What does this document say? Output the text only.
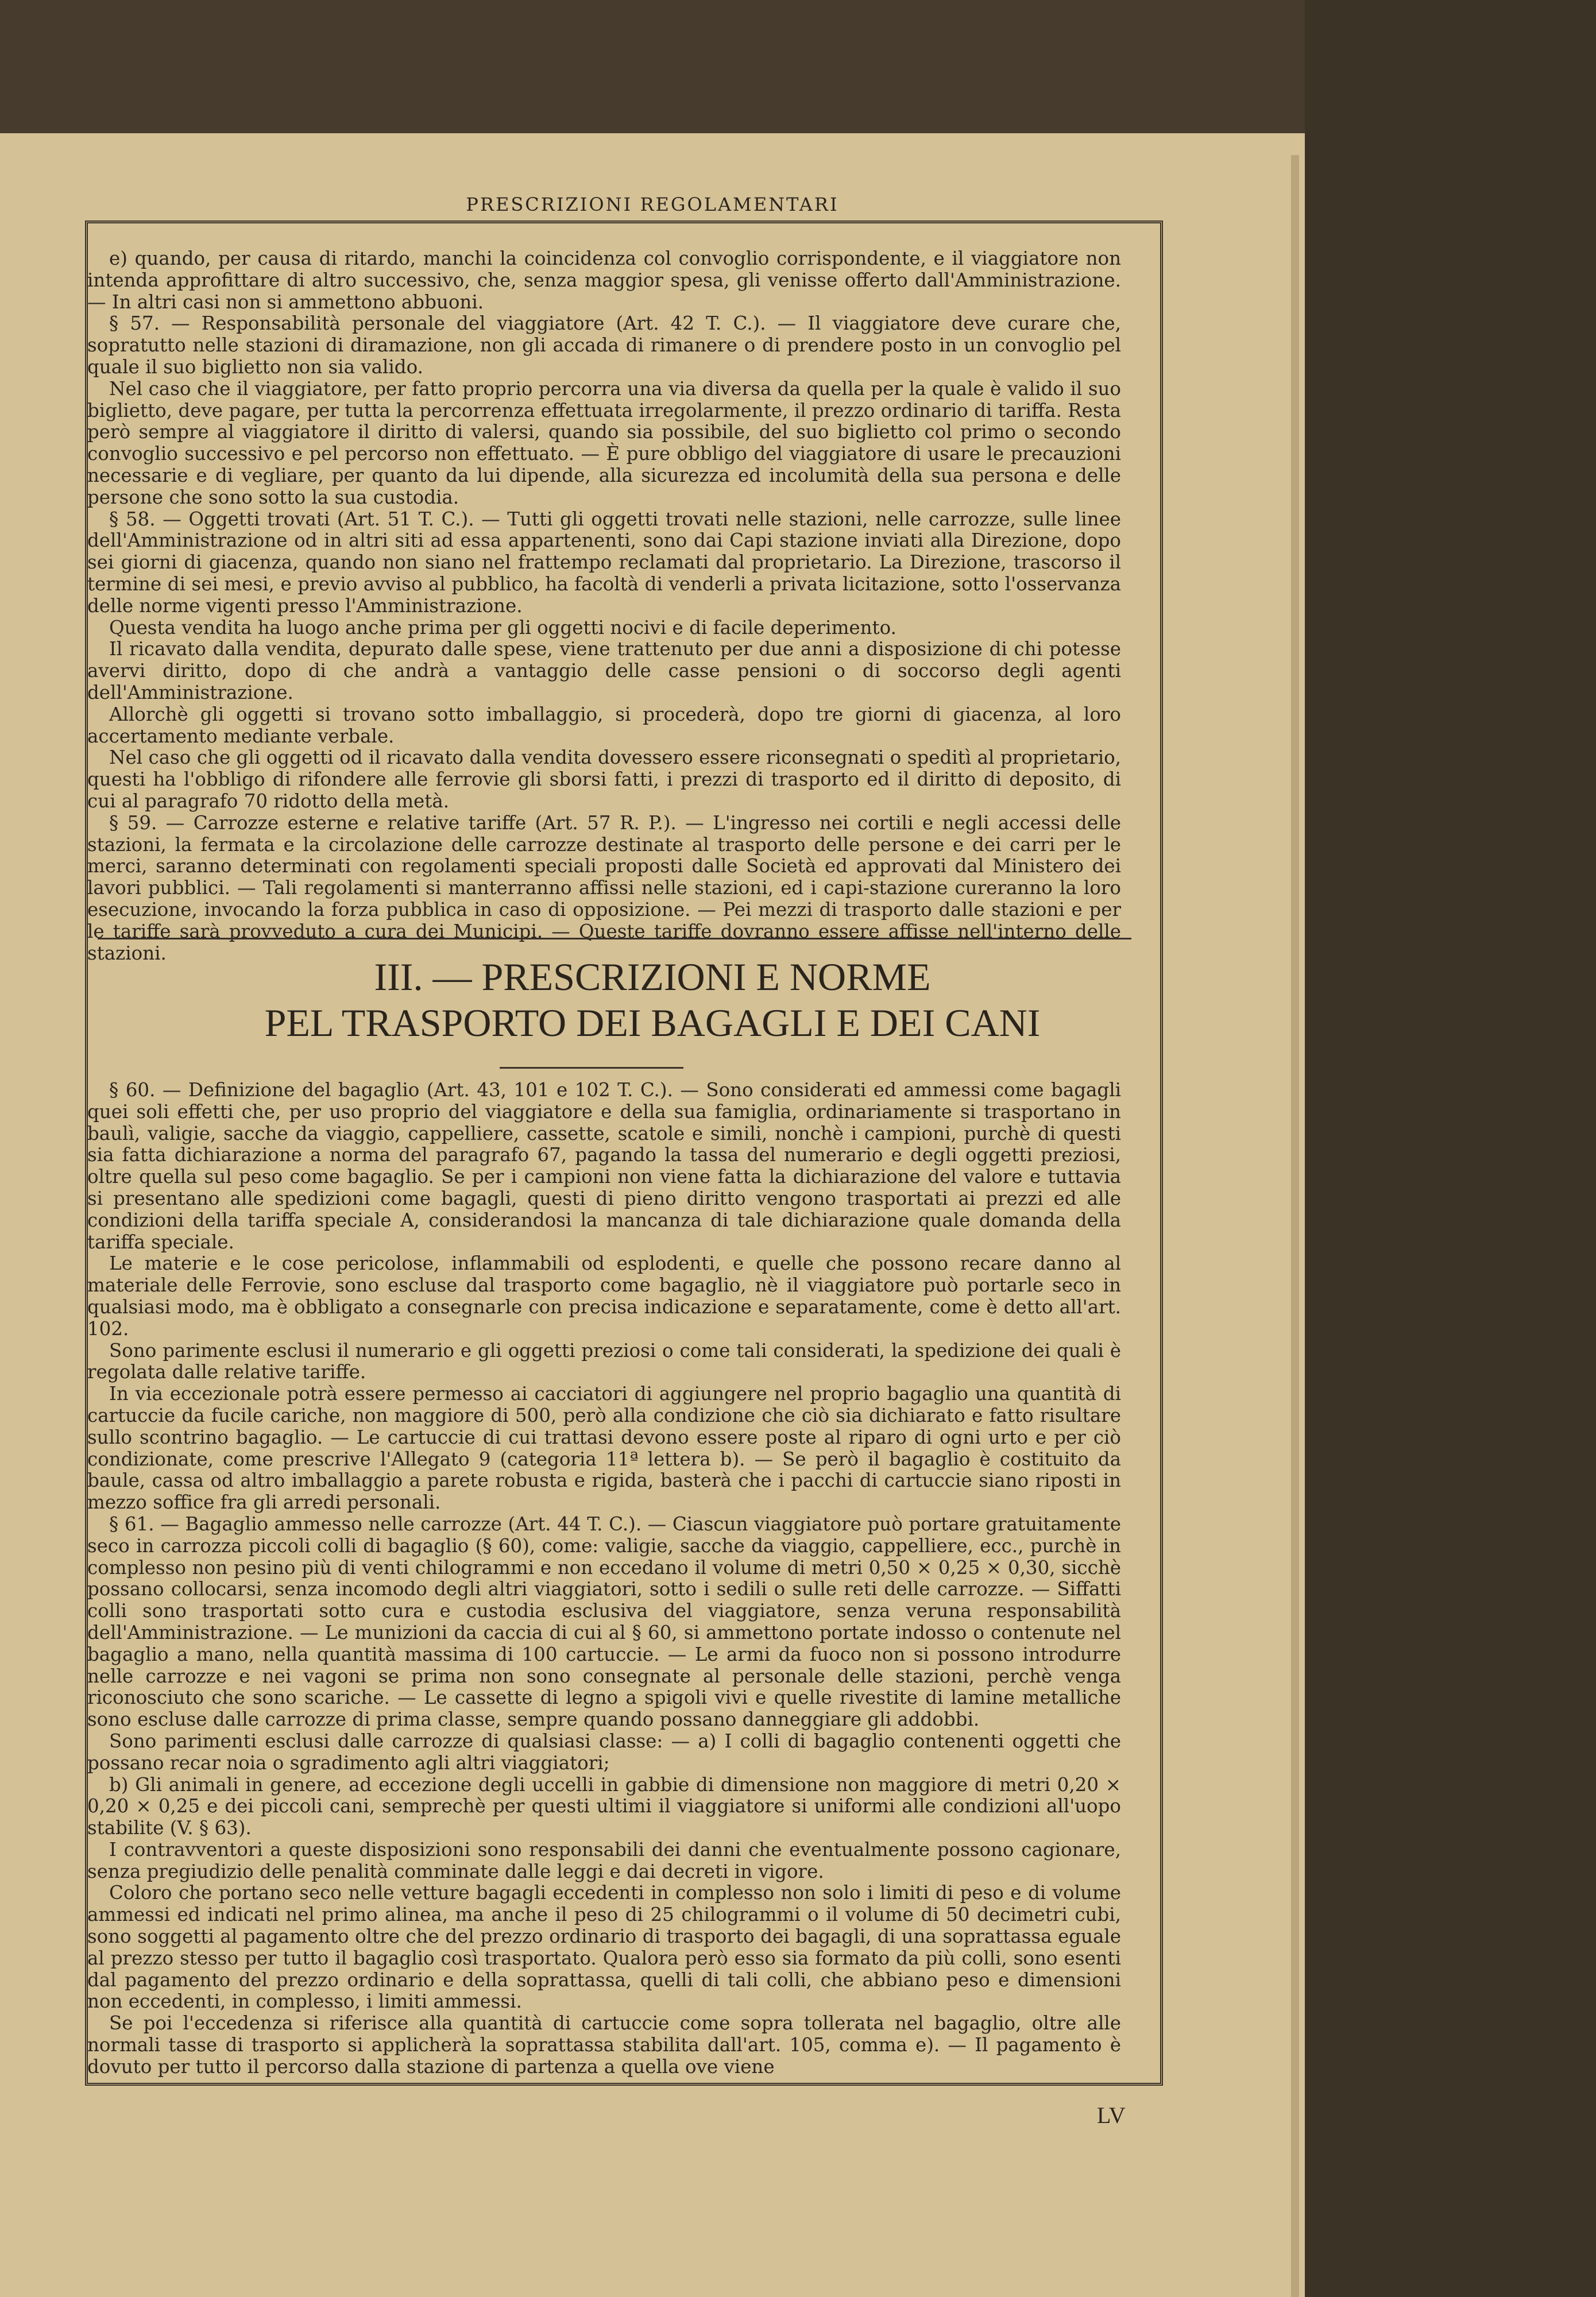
PRESCRIZIONI REGOLAMENTARI
e) quando, per causa di ritardo, manchi la coincidenza col convoglio corrispondente, e il viaggiatore non intenda approfittare di altro successivo, che, senza maggior spesa, gli venisse offerto dall'Amministrazione. — In altri casi non si ammettono abbuoni.
§ 57. — Responsabilità personale del viaggiatore (Art. 42 T. C.). — Il viaggiatore deve curare che, sopratutto nelle stazioni di diramazione, non gli accada di rimanere o di prendere posto in un convoglio pel quale il suo biglietto non sia valido.
Nel caso che il viaggiatore, per fatto proprio percorra una via diversa da quella per la quale è valido il suo biglietto, deve pagare, per tutta la percorrenza effettuata irregolarmente, il prezzo ordinario di tariffa. Resta però sempre al viaggiatore il diritto di valersi, quando sia possibile, del suo biglietto col primo o secondo convoglio successivo e pel percorso non effettuato. — È pure obbligo del viaggiatore di usare le precauzioni necessarie e di vegliare, per quanto da lui dipende, alla sicurezza ed incolumità della sua persona e delle persone che sono sotto la sua custodia.
§ 58. — Oggetti trovati (Art. 51 T. C.). — Tutti gli oggetti trovati nelle stazioni, nelle carrozze, sulle linee dell'Amministrazione od in altri siti ad essa appartenenti, sono dai Capi stazione inviati alla Direzione, dopo sei giorni di giacenza, quando non siano nel frattempo reclamati dal proprietario. La Direzione, trascorso il termine di sei mesi, e previo avviso al pubblico, ha facoltà di venderli a privata licitazione, sotto l'osservanza delle norme vigenti presso l'Amministrazione.
Questa vendita ha luogo anche prima per gli oggetti nocivi e di facile deperimento.
Il ricavato dalla vendita, depurato dalle spese, viene trattenuto per due anni a disposizione di chi potesse avervi diritto, dopo di che andrà a vantaggio delle casse pensioni o di soccorso degli agenti dell'Amministrazione.
Allorchè gli oggetti si trovano sotto imballaggio, si procederà, dopo tre giorni di giacenza, al loro accertamento mediante verbale.
Nel caso che gli oggetti od il ricavato dalla vendita dovessero essere riconsegnati o speditì al proprietario, questi ha l'obbligo di rifondere alle ferrovie gli sborsi fatti, i prezzi di trasporto ed il diritto di deposito, di cui al paragrafo 70 ridotto della metà.
§ 59. — Carrozze esterne e relative tariffe (Art. 57 R. P.). — L'ingresso nei cortili e negli accessi delle stazioni, la fermata e la circolazione delle carrozze destinate al trasporto delle persone e dei carri per le merci, saranno determinati con regolamenti speciali proposti dalle Società ed approvati dal Ministero dei lavori pubblici. — Tali regolamenti si manterranno affissi nelle stazioni, ed i capi-stazione cureranno la loro esecuzione, invocando la forza pubblica in caso di opposizione. — Pei mezzi di trasporto dalle stazioni e per le tariffe sarà provveduto a cura dei Municipi. — Queste tariffe dovranno essere affisse nell'interno delle stazioni.
III. — PRESCRIZIONI E NORME
PEL TRASPORTO DEI BAGAGLI E DEI CANI
§ 60. — Definizione del bagaglio (Art. 43, 101 e 102 T. C.). — Sono considerati ed ammessi come bagagli quei soli effetti che, per uso proprio del viaggiatore e della sua famiglia, ordinariamente si trasportano in baulì, valigie, sacche da viaggio, cappelliere, cassette, scatole e simili, nonchè i campioni, purchè di questi sia fatta dichiarazione a norma del paragrafo 67, pagando la tassa del numerario e degli oggetti preziosi, oltre quella sul peso come bagaglio. Se per i campioni non viene fatta la dichiarazione del valore e tuttavia si presentano alle spedizioni come bagagli, questi di pieno diritto vengono trasportati ai prezzi ed alle condizioni della tariffa speciale A, considerandosi la mancanza di tale dichiarazione quale domanda della tariffa speciale.
Le materie e le cose pericolose, inflammabili od esplodenti, e quelle che possono recare danno al materiale delle Ferrovie, sono escluse dal trasporto come bagaglio, nè il viaggiatore può portarle seco in qualsiasi modo, ma è obbligato a consegnarle con precisa indicazione e separatamente, come è detto all'art. 102.
Sono parimente esclusi il numerario e gli oggetti preziosi o come tali considerati, la spedizione dei quali è regolata dalle relative tariffe.
In via eccezionale potrà essere permesso ai cacciatori di aggiungere nel proprio bagaglio una quantità di cartuccie da fucile cariche, non maggiore di 500, però alla condizione che ciò sia dichiarato e fatto risultare sullo scontrino bagaglio. — Le cartuccie di cui trattasi devono essere poste al riparo di ogni urto e per ciò condizionate, come prescrive l'Allegato 9 (categoria 11ª lettera b). — Se però il bagaglio è costituito da baule, cassa od altro imballaggio a parete robusta e rigida, basterà che i pacchi di cartuccie siano riposti in mezzo soffice fra gli arredi personali.
§ 61. — Bagaglio ammesso nelle carrozze (Art. 44 T. C.). — Ciascun viaggiatore può portare gratuitamente seco in carrozza piccoli colli di bagaglio (§ 60), come: valigie, sacche da viaggio, cappelliere, ecc., purchè in complesso non pesino più di venti chilogrammi e non eccedano il volume di metri 0,50 × 0,25 × 0,30, sicchè possano collocarsi, senza incomodo degli altri viaggiatori, sotto i sedili o sulle reti delle carrozze. — Siffatti colli sono trasportati sotto cura e custodia esclusiva del viaggiatore, senza veruna responsabilità dell'Amministrazione. — Le munizioni da caccia di cui al § 60, si ammettono portate indosso o contenute nel bagaglio a mano, nella quantità massima di 100 cartuccie. — Le armi da fuoco non si possono introdurre nelle carrozze e nei vagoni se prima non sono consegnate al personale delle stazioni, perchè venga riconosciuto che sono scariche. — Le cassette di legno a spigoli vivi e quelle rivestite di lamine metalliche sono escluse dalle carrozze di prima classe, sempre quando possano danneggiare gli addobbi.
Sono parimenti esclusi dalle carrozze di qualsiasi classe: — a) I colli di bagaglio contenenti oggetti che possano recar noia o sgradimento agli altri viaggiatori;
b) Gli animali in genere, ad eccezione degli uccelli in gabbie di dimensione non maggiore di metri 0,20 × 0,20 × 0,25 e dei piccoli cani, semprechè per questi ultimi il viaggiatore si uniformi alle condizioni all'uopo stabilite (V. § 63).
I contravventori a queste disposizioni sono responsabili dei danni che eventualmente possono cagionare, senza pregiudizio delle penalità comminate dalle leggi e dai decreti in vigore.
Coloro che portano seco nelle vetture bagagli eccedenti in complesso non solo i limiti di peso e di volume ammessi ed indicati nel primo alinea, ma anche il peso di 25 chilogrammi o il volume di 50 decimetri cubi, sono soggetti al pagamento oltre che del prezzo ordinario di trasporto dei bagagli, di una soprattassa eguale al prezzo stesso per tutto il bagaglio così trasportato. Qualora però esso sia formato da più colli, sono esenti dal pagamento del prezzo ordinario e della soprattassa, quelli di tali colli, che abbiano peso e dimensioni non eccedenti, in complesso, i limiti ammessi.
Se poi l'eccedenza si riferisce alla quantità di cartuccie come sopra tollerata nel bagaglio, oltre alle normali tasse di trasporto si applicherà la soprattassa stabilita dall'art. 105, comma e). — Il pagamento è dovuto per tutto il percorso dalla stazione di partenza a quella ove viene
LV
